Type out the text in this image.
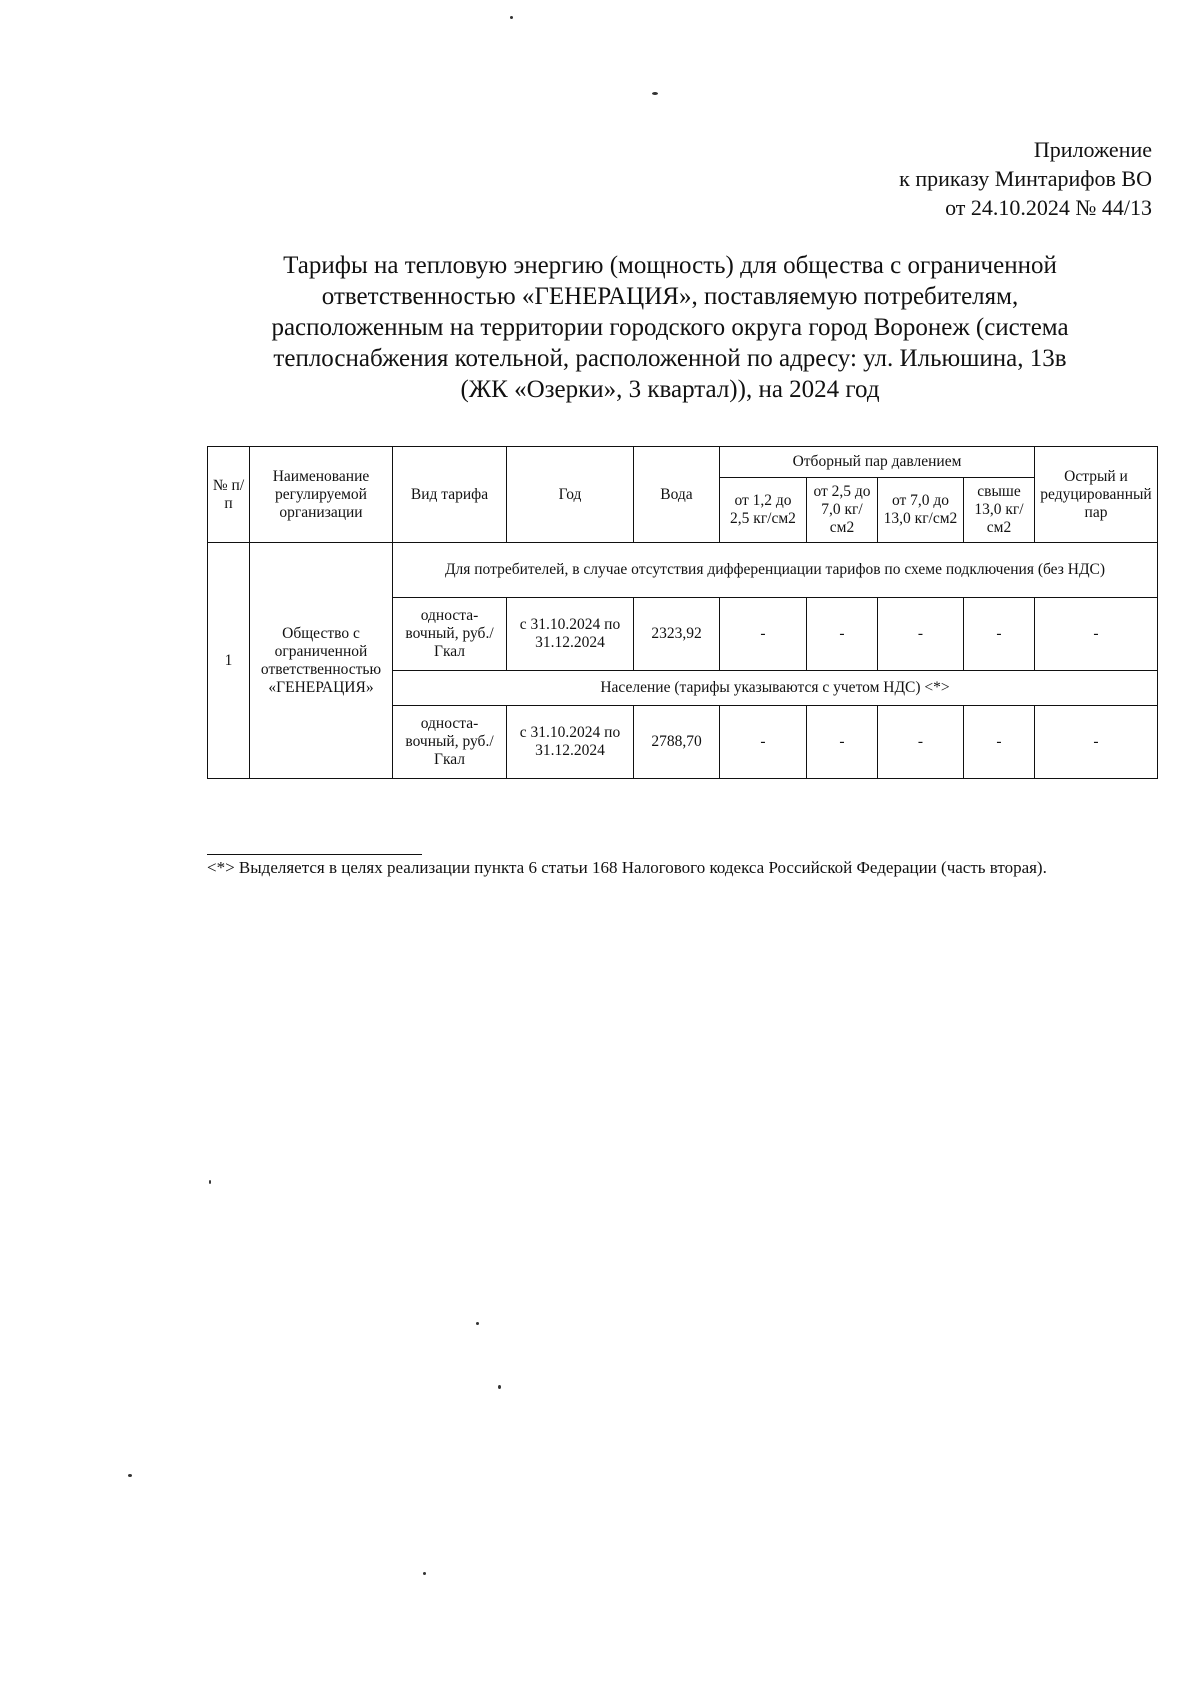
Приложение
к приказу Минтарифов ВО
от 24.10.2024 № 44/13
Тарифы на тепловую энергию (мощность) для общества с ограниченной
ответственностью «ГЕНЕРАЦИЯ», поставляемую потребителям,
расположенным на территории городского округа город Воронеж (система
теплоснабжения котельной, расположенной по адресу: ул. Ильюшина, 13в
(ЖК «Озерки», 3 квартал)), на 2024 год
№ п/п	Наименование регулируемой организации	Вид тарифа	Год	Вода	Отборный пар давлением				Острый и редуцированный пар
					от 1,2 до 2,5 кг/см2	от 2,5 до 7,0 кг/см2	от 7,0 до 13,0 кг/см2	свыше 13,0 кг/см2	
1	Общество с ограниченной ответственностью «ГЕНЕРАЦИЯ»	Для потребителей, в случае отсутствия дифференциации тарифов по схеме подключения (без НДС)							
		односта-вочный, руб./Гкал	с 31.10.2024 по 31.12.2024	2323,92	-	-	-	-	-
		Население (тарифы указываются с учетом НДС) <*>							
		односта-вочный, руб./Гкал	с 31.10.2024 по 31.12.2024	2788,70	-	-	-	-	-
<*> Выделяется в целях реализации пункта 6 статьи 168 Налогового кодекса Российской Федерации (часть вторая).
